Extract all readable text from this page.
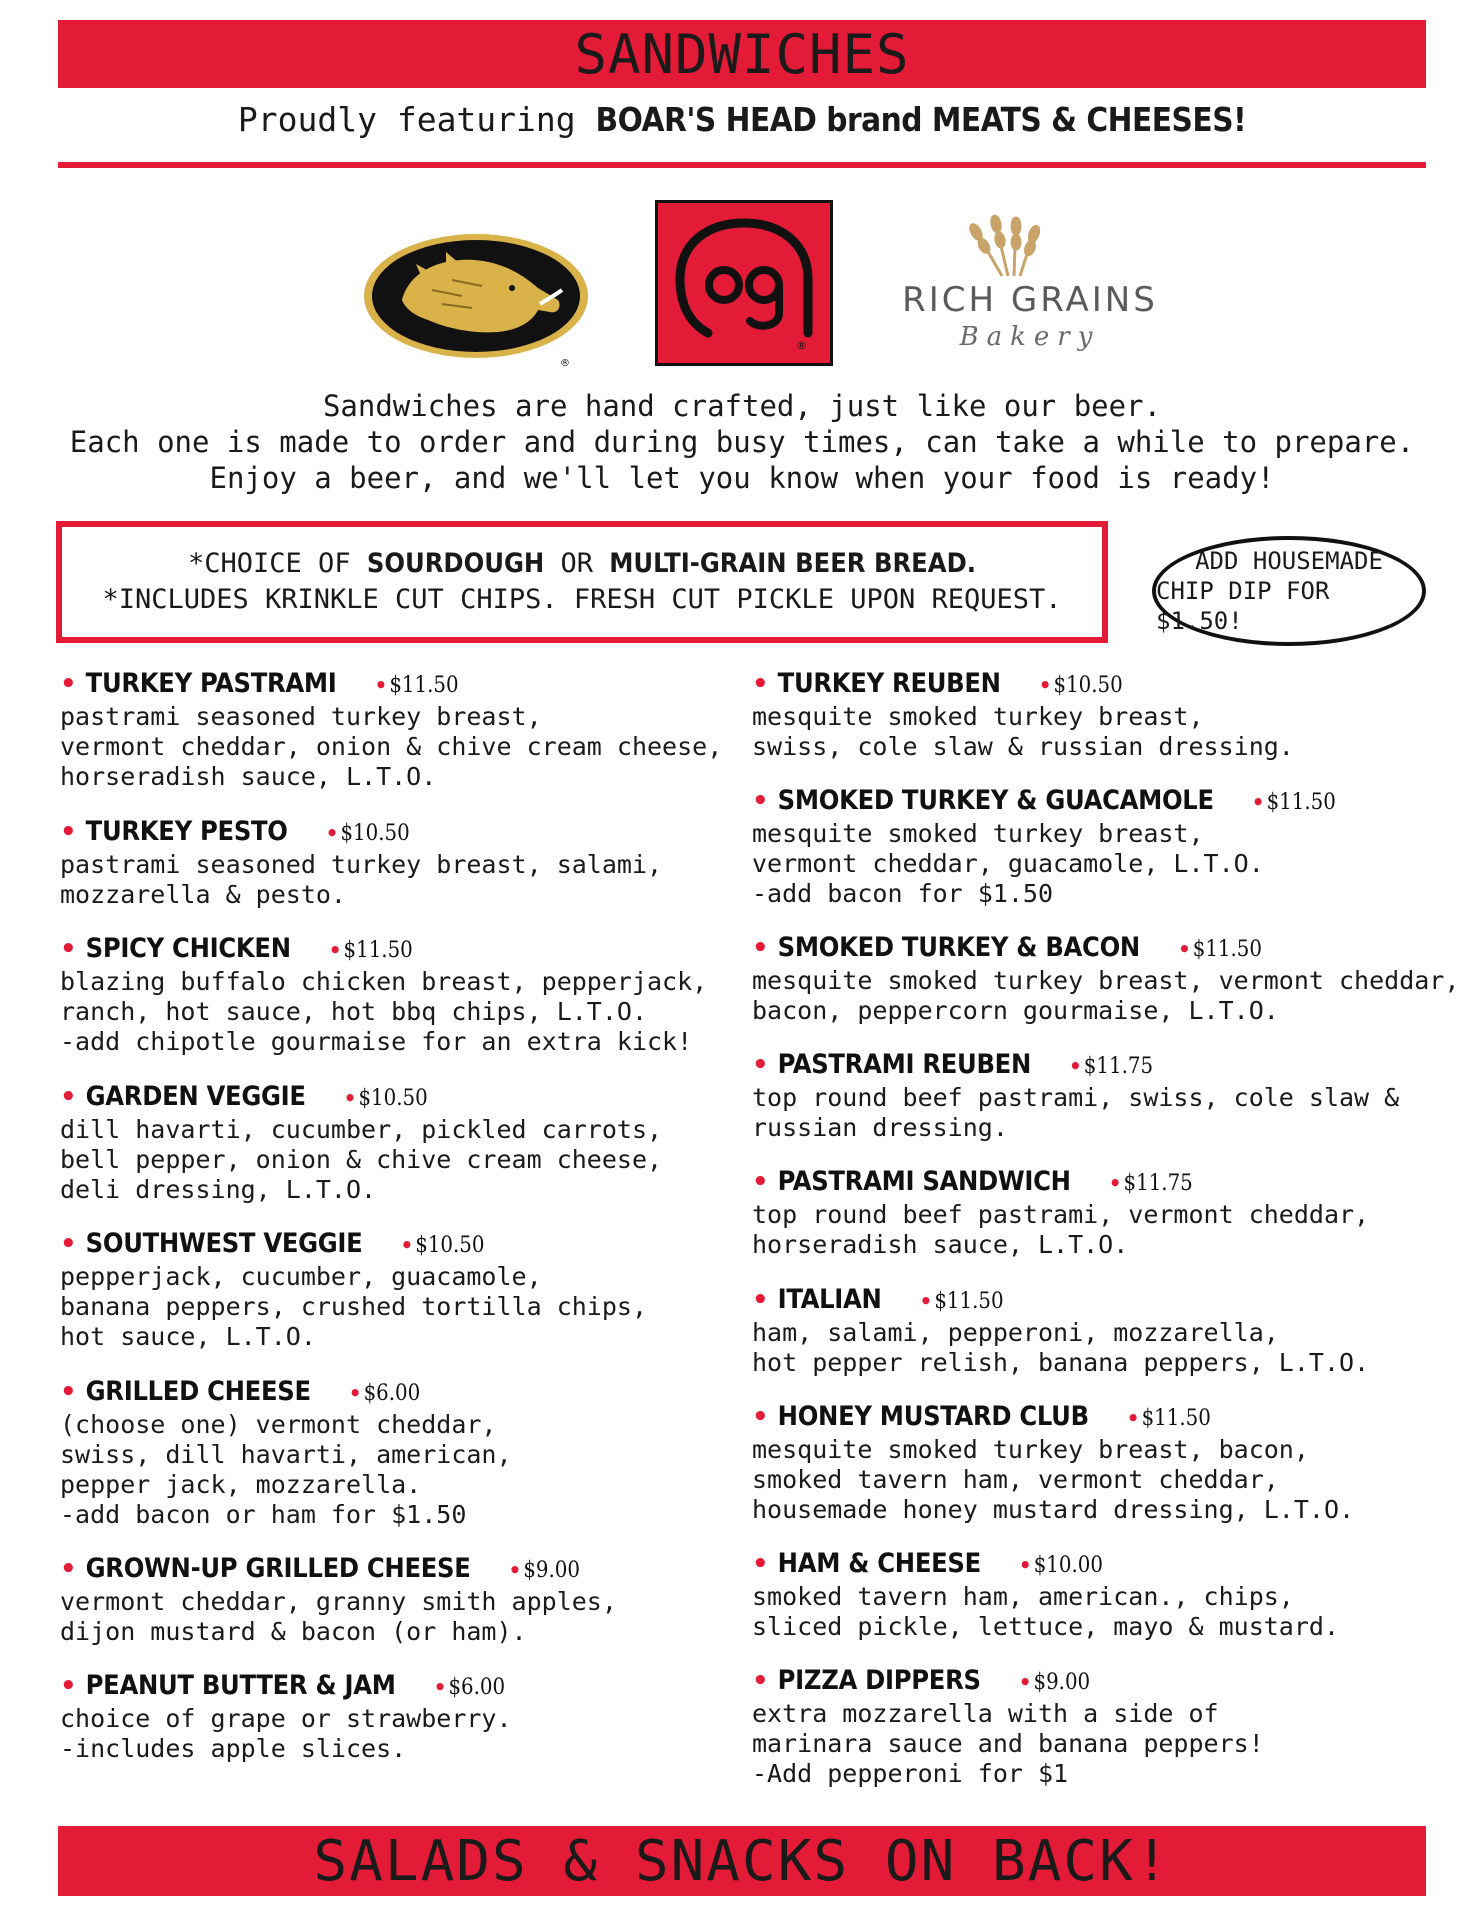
SANDWICHES
Proudly featuring BOAR'S HEAD brand MEATS & CHEESES!
®
®
RICH GRAINS
Bakery
Sandwiches are hand crafted, just like our beer.
Each one is made to order and during busy times, can take a while to prepare.
Enjoy a beer, and we'll let you know when your food is ready!
*CHOICE OF SOURDOUGH OR MULTI-GRAIN BEER BREAD.
*INCLUDES KRINKLE CUT CHIPS. FRESH CUT PICKLE UPON REQUEST.
ADD HOUSEMADE
CHIP DIP FOR $1.50!
• TURKEY PASTRAMI •$11.50
pastrami seasoned turkey breast,
vermont cheddar, onion & chive cream cheese,
horseradish sauce, L.T.O.
• TURKEY PESTO •$10.50
pastrami seasoned turkey breast, salami,
mozzarella & pesto.
• SPICY CHICKEN •$11.50
blazing buffalo chicken breast, pepperjack,
ranch, hot sauce, hot bbq chips, L.T.O.
-add chipotle gourmaise for an extra kick!
• GARDEN VEGGIE •$10.50
dill havarti, cucumber, pickled carrots,
bell pepper, onion & chive cream cheese,
deli dressing, L.T.O.
• SOUTHWEST VEGGIE •$10.50
pepperjack, cucumber, guacamole,
banana peppers, crushed tortilla chips,
hot sauce, L.T.O.
• GRILLED CHEESE •$6.00
(choose one) vermont cheddar,
swiss, dill havarti, american,
pepper jack, mozzarella.
-add bacon or ham for $1.50
• GROWN-UP GRILLED CHEESE •$9.00
vermont cheddar, granny smith apples,
dijon mustard & bacon (or ham).
• PEANUT BUTTER & JAM •$6.00
choice of grape or strawberry.
-includes apple slices.
• TURKEY REUBEN •$10.50
mesquite smoked turkey breast,
swiss, cole slaw & russian dressing.
• SMOKED TURKEY & GUACAMOLE •$11.50
mesquite smoked turkey breast,
vermont cheddar, guacamole, L.T.O.
-add bacon for $1.50
• SMOKED TURKEY & BACON •$11.50
mesquite smoked turkey breast, vermont cheddar,
bacon, peppercorn gourmaise, L.T.O.
• PASTRAMI REUBEN •$11.75
top round beef pastrami, swiss, cole slaw &
russian dressing.
• PASTRAMI SANDWICH •$11.75
top round beef pastrami, vermont cheddar,
horseradish sauce, L.T.O.
• ITALIAN •$11.50
ham, salami, pepperoni, mozzarella,
hot pepper relish, banana peppers, L.T.O.
• HONEY MUSTARD CLUB •$11.50
mesquite smoked turkey breast, bacon,
smoked tavern ham, vermont cheddar,
housemade honey mustard dressing, L.T.O.
• HAM & CHEESE •$10.00
smoked tavern ham, american., chips,
sliced pickle, lettuce, mayo & mustard.
• PIZZA DIPPERS •$9.00
extra mozzarella with a side of
marinara sauce and banana peppers!
-Add pepperoni for $1
SALADS & SNACKS ON BACK!
